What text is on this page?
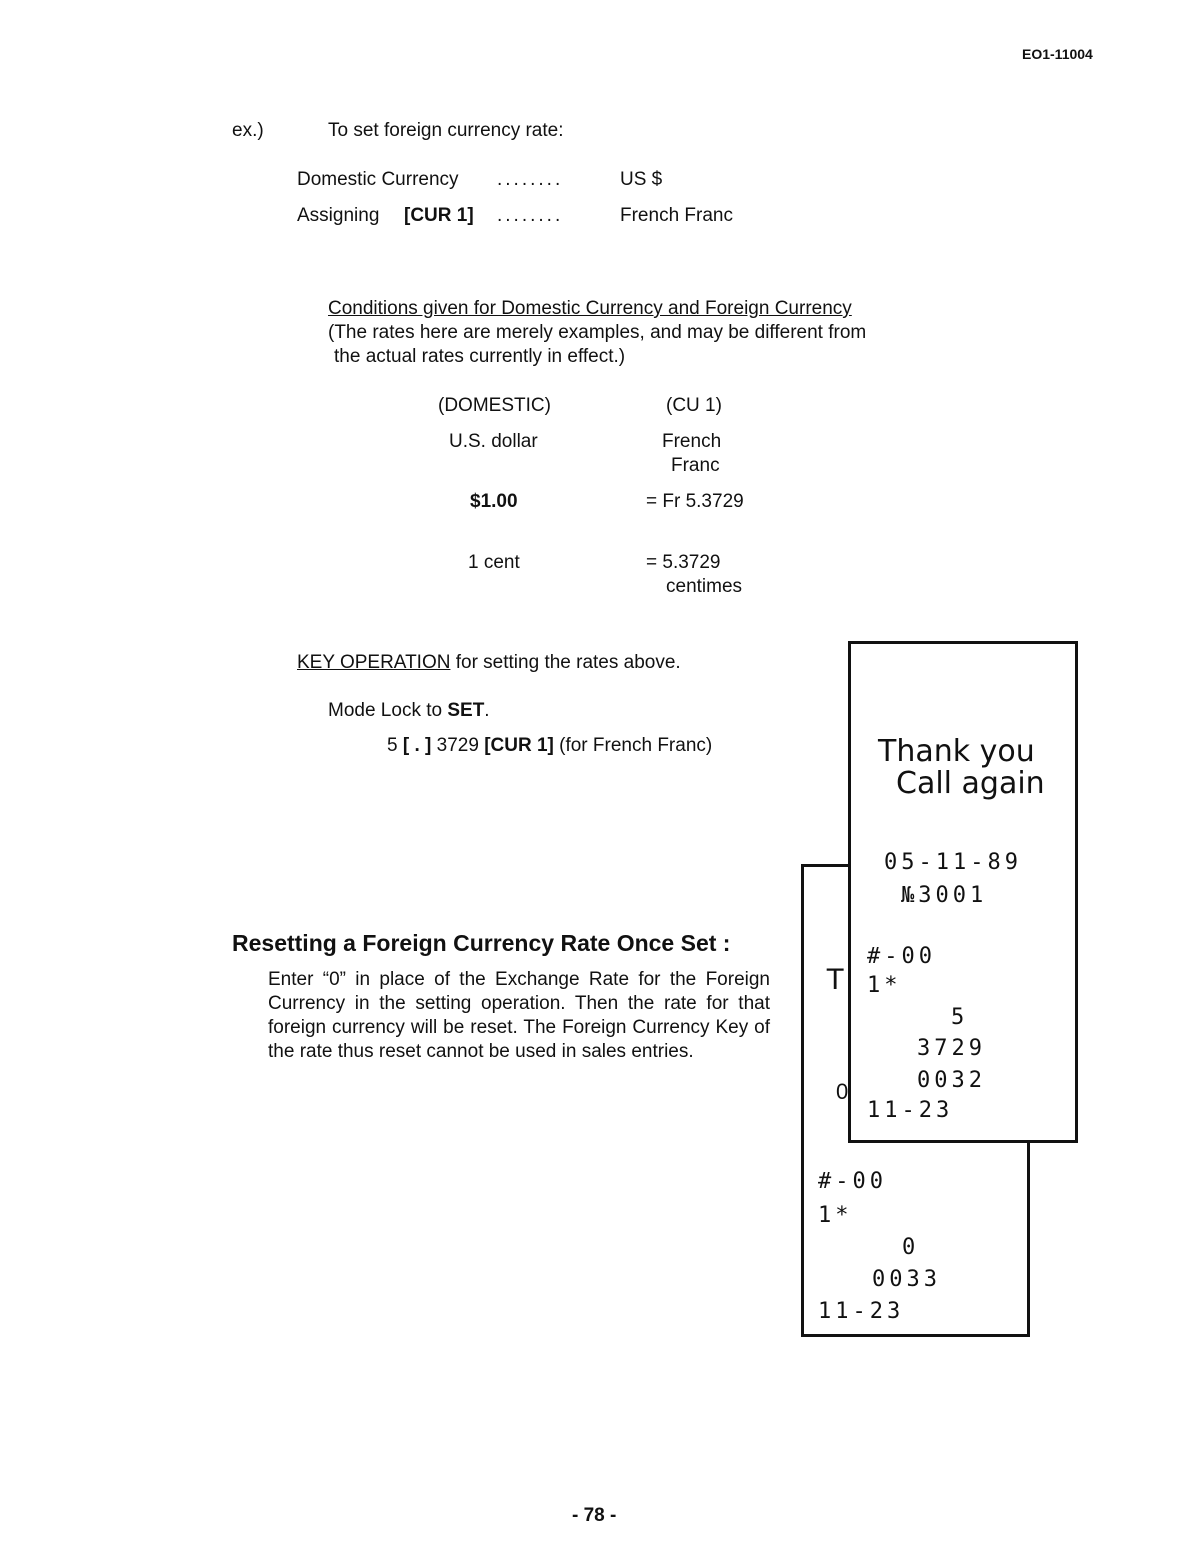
EO1-11004
ex.)	To set foreign currency rate:
Domestic Currency ........	US $
Assigning [CUR 1] ........	French Franc
Conditions given for Domestic Currency and Foreign Currency
(The rates here are merely examples, and may be different from
the actual rates currently in effect.)
(DOMESTIC)	(CU 1)
U.S. dollar	French
Franc
$1.00	= Fr 5.3729
1 cent	= 5.3729
centimes
KEY OPERATION for setting the rates above.
Mode Lock to SET.
5 [ . ] 3729 [CUR 1] (for French Franc)
Resetting a Foreign Currency Rate Once Set :
Enter “0” in place of the Exchange Rate for the Foreign Currency in the setting operation. Then the rate for that foreign currency will be reset. The Foreign Currency Key of the rate thus reset cannot be used in sales entries.
T
0
#-00
1*
0
0033
11-23
Thank you
Call again
05-11-89
№3001
#-00
1*
5
3729
0032
11-23
- 78 -
